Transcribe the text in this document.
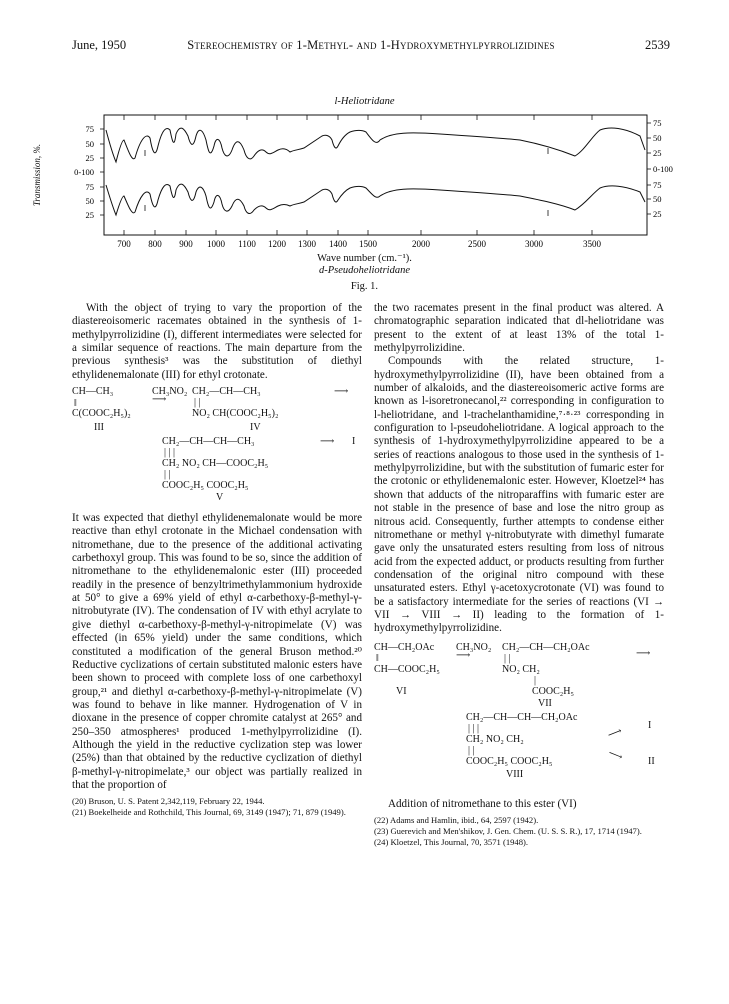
June, 1950	Stereochemistry of 1-Methyl- and 1-Hydroxymethylpyrrolizidines	2539
l-Heliotridane
Transmission, %.
75
50
25
0-100
75
50
25
75
50
25
0-100
75
50
25
700 800 900 1000 1100 1200 1300 1400 1500	2000	2500	3000	3500
Wave number (cm.⁻¹).
d-Pseudoheliotridane
Fig. 1.

With the object of trying to vary the proportion of the diastereoisomeric racemates obtained in the synthesis of 1-methylpyrrolizidine (I), different intermediates were selected for a similar sequence of reactions. The main departure from the previous synthesis³ was the substitution of diethyl ethylidenemalonate (III) for ethyl crotonate.

CH—CH₃
‖
C(COOC₂H₅)₂
III
CH₃NO₂
⟶
CH₂—CH—CH₃
| |
NO₂ CH(COOC₂H₅)₂
IV
⟶
CH₂—CH—CH—CH₃
| | |
CH₂ NO₂ CH—COOC₂H₅
| |
COOC₂H₅ COOC₂H₅
V
⟶ I

It was expected that diethyl ethylidenemalonate would be more reactive than ethyl crotonate in the Michael condensation with nitromethane, due to the presence of the additional activating carbethoxyl group. This was found to be so, since the addition of nitromethane to the ethylidenemalonic ester (III) proceeded readily in the presence of benzyltrimethylammonium hydroxide at 50° to give a 69% yield of ethyl α-carbethoxy-β-methyl-γ-nitrobutyrate (IV). The condensation of IV with ethyl acrylate to give diethyl α-carbethoxy-β-methyl-γ-nitropimelate (V) was effected (in 65% yield) under the same conditions, which constituted a modification of the general Bruson method.²⁰ Reductive cyclizations of certain substituted malonic esters have been shown to proceed with complete loss of one carbethoxyl group,²¹ and diethyl α-carbethoxy-β-methyl-γ-nitropimelate (V) was found to behave in like manner. Hydrogenation of V in dioxane in the presence of copper chromite catalyst at 265° and 250–350 atmospheres¹ produced 1-methylpyrrolizidine (I). Although the yield in the reductive cyclization step was lower (25%) than that obtained by the reductive cyclization of diethyl β-methyl-γ-nitropimelate,³ our object was partially realized in that the proportion of

(20) Bruson, U. S. Patent 2,342,119, February 22, 1944.
(21) Boekelheide and Rothchild, This Journal, 69, 3149 (1947); 71, 879 (1949).

the two racemates present in the final product was altered. A chromatographic separation indicated that dl-heliotridane was present to the extent of at least 13% of the total 1-methylpyrrolizidine.

Compounds with the related structure, 1-hydroxymethylpyrrolizidine (II), have been obtained from a number of alkaloids, and the diastereoisomeric active forms are known as l-isoretronecanol,²² corresponding in configuration to l-heliotridane, and l-trachelanthamidine,⁷·⁸·²³ corresponding in configuration to l-pseudoheliotridane. A logical approach to the synthesis of 1-hydroxymethylpyrrolizidine appeared to be a series of reactions analogous to those used in the synthesis of 1-methylpyrrolizidine, but with the substitution of fumaric ester for the crotonic or ethylidenemalonic ester. However, Kloetzel²⁴ has shown that adducts of the nitroparaffins with fumaric ester are not stable in the presence of base and lose the nitro group as nitrous acid. Consequently, further attempts to condense either nitromethane or methyl γ-nitrobutyrate with dimethyl fumarate gave only the unsaturated esters resulting from loss of nitrous acid from the expected adduct, or products resulting from further condensation of the original nitro compound with these unsaturated esters. Ethyl γ-acetoxycrotonate (VI) was found to be a satisfactory intermediate for the series of reactions (VI → VII → VIII → II) leading to the formation of 1-hydroxymethylpyrrolizidine.

CH—CH₂OAc
‖
CH—COOC₂H₅
VI
CH₃NO₂
⟶
CH₂—CH—CH₂OAc
| |
NO₂ CH₂
|
COOC₂H₅
VII
⟶
CH₂—CH—CH—CH₂OAc
| | |
CH₂ NO₂ CH₂
| |
COOC₂H₅ COOC₂H₅
VIII
⟶
I
⟶ II

Addition of nitromethane to this ester (VI)

(22) Adams and Hamlin, ibid., 64, 2597 (1942).
(23) Guerevich and Men'shikov, J. Gen. Chem. (U. S. S. R.), 17, 1714 (1947).
(24) Kloetzel, This Journal, 70, 3571 (1948).
